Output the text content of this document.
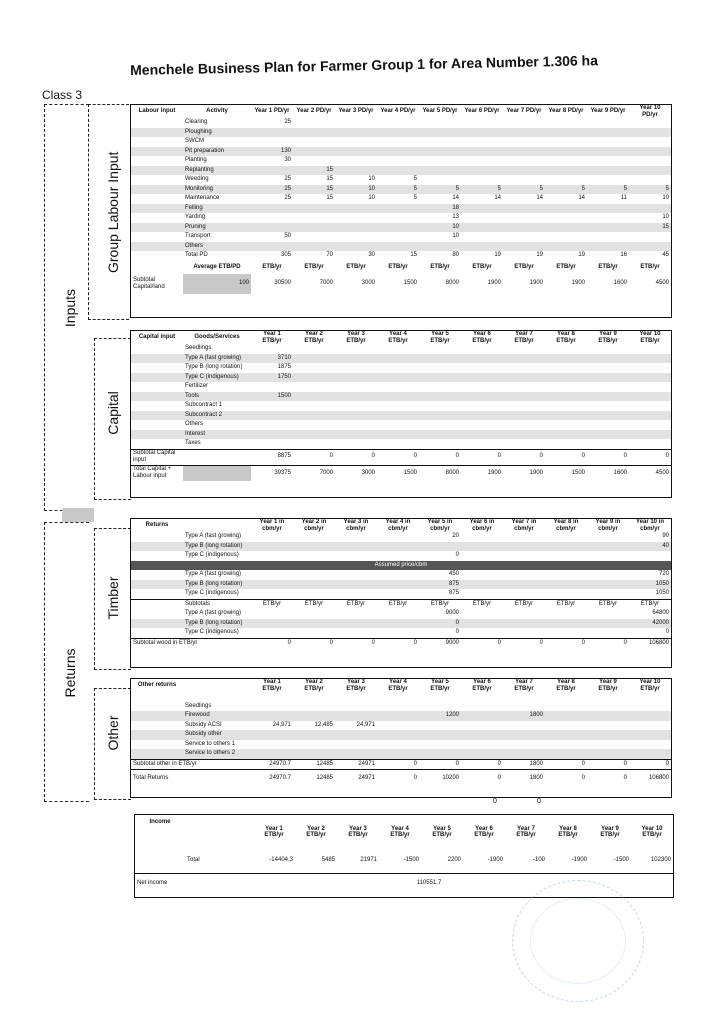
Menchele Business Plan for Farmer Group 1 for Area Number 1.306 ha
Class 3
Inputs
Returns
Group Labour Input
Capital
Timber
Other
Labour input	Activity	Year 1 PD/yr	Year 2 PD/yr	Year 3 PD/yr	Year 4 PD/yr	Year 5 PD/yr	Year 6 PD/yr	Year 7 PD/yr	Year 8 PD/yr	Year 9 PD/yr	Year 10 PD/yr
	Clearing	25									
	Ploughing										
	SWCM										
	Pit preparation	130									
	Planting	30									
	Replanting		15								
	Weeding	25	15	10	5						
	Monitoring	25	15	10	5	5	5	5	5	5	5
	Maintenance	25	15	10	5	14	14	14	14	11	10
	Felling					18					
	Yarding					13					10
	Pruning					10					15
	Transport	50				10					
	Others										
	Total PD	305	70	30	15	80	19	19	19	16	45
	Average ETB/PD	ETB/yr	ETB/yr	ETB/yr	ETB/yr	ETB/yr	ETB/yr	ETB/yr	ETB/yr	ETB/yr	ETB/yr
Subtotal Capital/land	100	30500	7000	3000	1500	8000	1900	1900	1900	1600	4500
Capital input	Goods/Services	Year 1 ETB/yr	Year 2 ETB/yr	Year 3 ETB/yr	Year 4 ETB/yr	Year 5 ETB/yr	Year 6 ETB/yr	Year 7 ETB/yr	Year 8 ETB/yr	Year 9 ETB/yr	Year 10 ETB/yr
	Seedlings										
	Type A (fast growing)	3710									
	Type B (long rotation)	1875									
	Type C (indigenous)	1750									
	Fertilizer										
	Tools	1500									
	Subcontract 1										
	Subcontract 2										
	Others										
	Interest										
	Taxes										
Subtotal Capital input		8875	0	0	0	0	0	0	0	0	0
Total Capital + Labour input		39375	7000	3000	1500	8000	1900	1900	1500	1600	4500
Returns		Year 1 in cbm/yr	Year 2 in cbm/yr	Year 3 in cbm/yr	Year 4 in cbm/yr	Year 5 in cbm/yr	Year 6 in cbm/yr	Year 7 in cbm/yr	Year 8 in cbm/yr	Year 9 in cbm/yr	Year 10 in cbm/yr
	Type A (fast growing)					20					90
	Type B (long rotation)										40
	Type C (indigenous)					0					
Assumed price/cbm											
	Type A (fast growing)					450					720
	Type B (long rotation)					875					1050
	Type C (indigenous)					875					1050
	Subtotals	ETB/yr	ETB/yr	ETB/yr	ETB/yr	ETB/yr	ETB/yr	ETB/yr	ETB/yr	ETB/yr	ETB/yr
	Type A (fast growing)					9000					64800
	Type B (long rotation)					0					42000
	Type C (indigenous)					0					0
Subtotal wood in ETB/yr		0	0	0	0	9000	0	0	0	0	106800
Other returns		Year 1 ETB/yr	Year 2 ETB/yr	Year 3 ETB/yr	Year 4 ETB/yr	Year 5 ETB/yr	Year 6 ETB/yr	Year 7 ETB/yr	Year 8 ETB/yr	Year 9 ETB/yr	Year 10 ETB/yr

	Seedlings										
	Firewood					1200		1800			
	Subsidy ACSI	24,971	12,485	24,971							
	Subsidy other										
	Service to others 1										
	Service to others 2										
Subtotal other in ETB/yr		24970.7	12485	24971	0	0	0	1800	0	0	0
Total Returns		24970.7	12485	24971	0	10200	0	1800	0	0	106800
0	0
Income		Year 1 ETB/yr	Year 2 ETB/yr	Year 3 ETB/yr	Year 4 ETB/yr	Year 5 ETB/yr	Year 6 ETB/yr	Year 7 ETB/yr	Year 8 ETB/yr	Year 9 ETB/yr	Year 10 ETB/yr
	Total	-14404.3	5485	21971	-1500	2200	-1900	-100	-1900	-1500	102300
Net income	110551.7										
